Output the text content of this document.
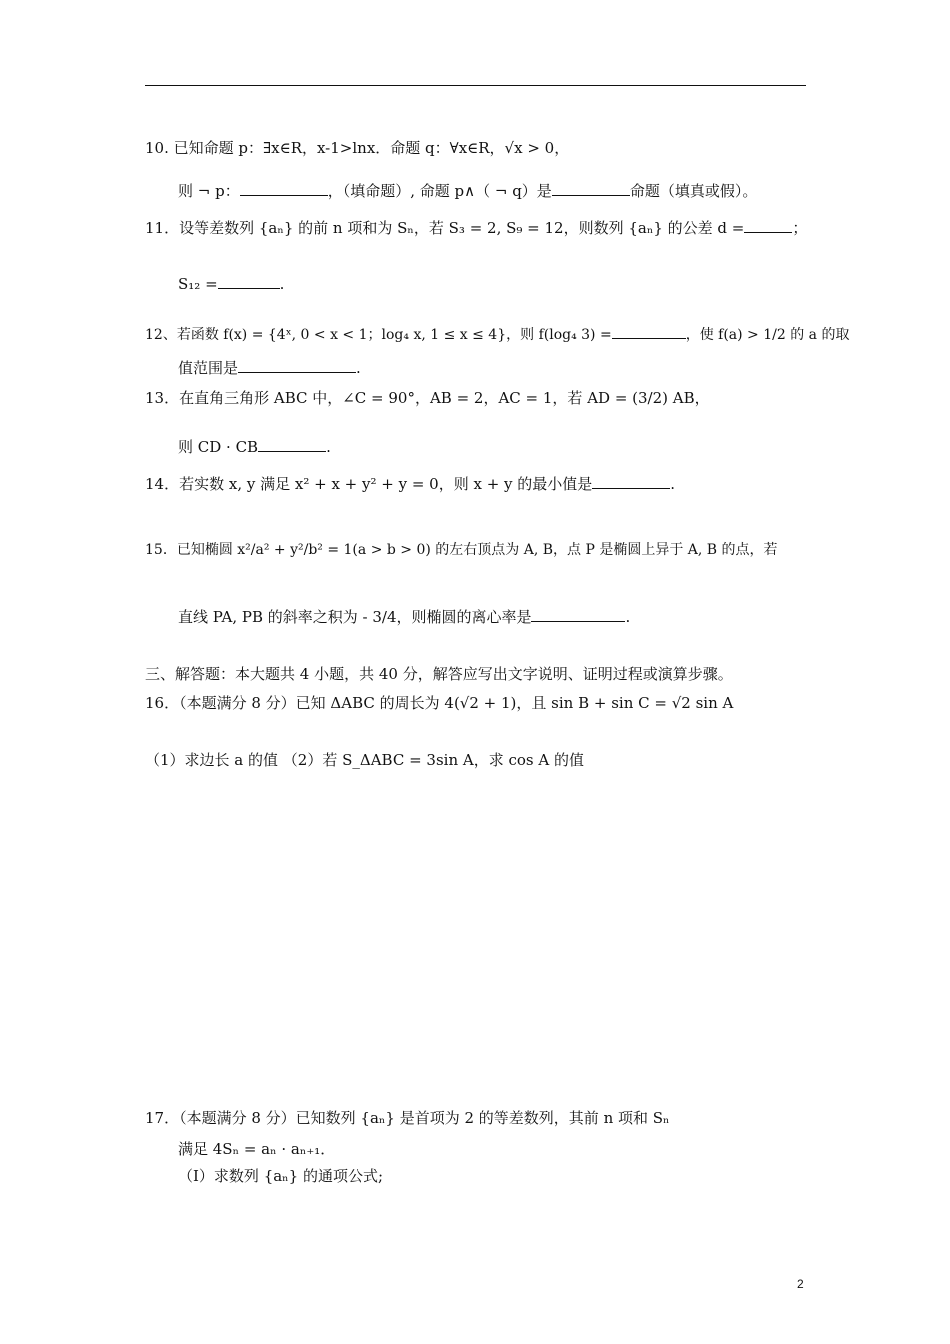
10. 已知命题 p：∃x∈R，x-1>lnx．命题 q：∀x∈R，√x > 0，
则 ¬ p：	，（填命题）, 命题 p∧（ ¬ q）是	命题（填真或假）。
11．设等差数列 {aₙ} 的前 n 项和为 Sₙ，若 S₃ = 2, S₉ = 12，则数列 {aₙ} 的公差 d =	；
S₁₂ =	.
12、若函数 f(x) = {4ˣ, 0 < x < 1；log₄ x, 1 ≤ x ≤ 4}，则 f(log₄ 3) =	，使 f(a) > 1/2 的 a 的取
值范围是	.
13．在直角三角形 ABC 中，∠C = 90°，AB = 2，AC = 1，若 AD = (3/2) AB，
则 CD · CB	.
14．若实数 x, y 满足 x² + x + y² + y = 0，则 x + y 的最小值是	.
15．已知椭圆 x²/a² + y²/b² = 1(a > b > 0) 的左右顶点为 A, B，点 P 是椭圆上异于 A, B 的点，若
直线 PA, PB 的斜率之积为 - 3/4，则椭圆的离心率是	.
三、解答题：本大题共 4 小题，共 40 分，解答应写出文字说明、证明过程或演算步骤。
16．（本题满分 8 分）已知 ΔABC 的周长为 4(√2 + 1)，且 sin B + sin C = √2 sin A
（1）求边长 a 的值 （2）若 S_ΔABC = 3sin A，求 cos A 的值
17．（本题满分 8 分）已知数列 {aₙ} 是首项为 2 的等差数列，其前 n 项和 Sₙ
满足 4Sₙ = aₙ · aₙ₊₁．
（Ⅰ）求数列 {aₙ} 的通项公式;
2
